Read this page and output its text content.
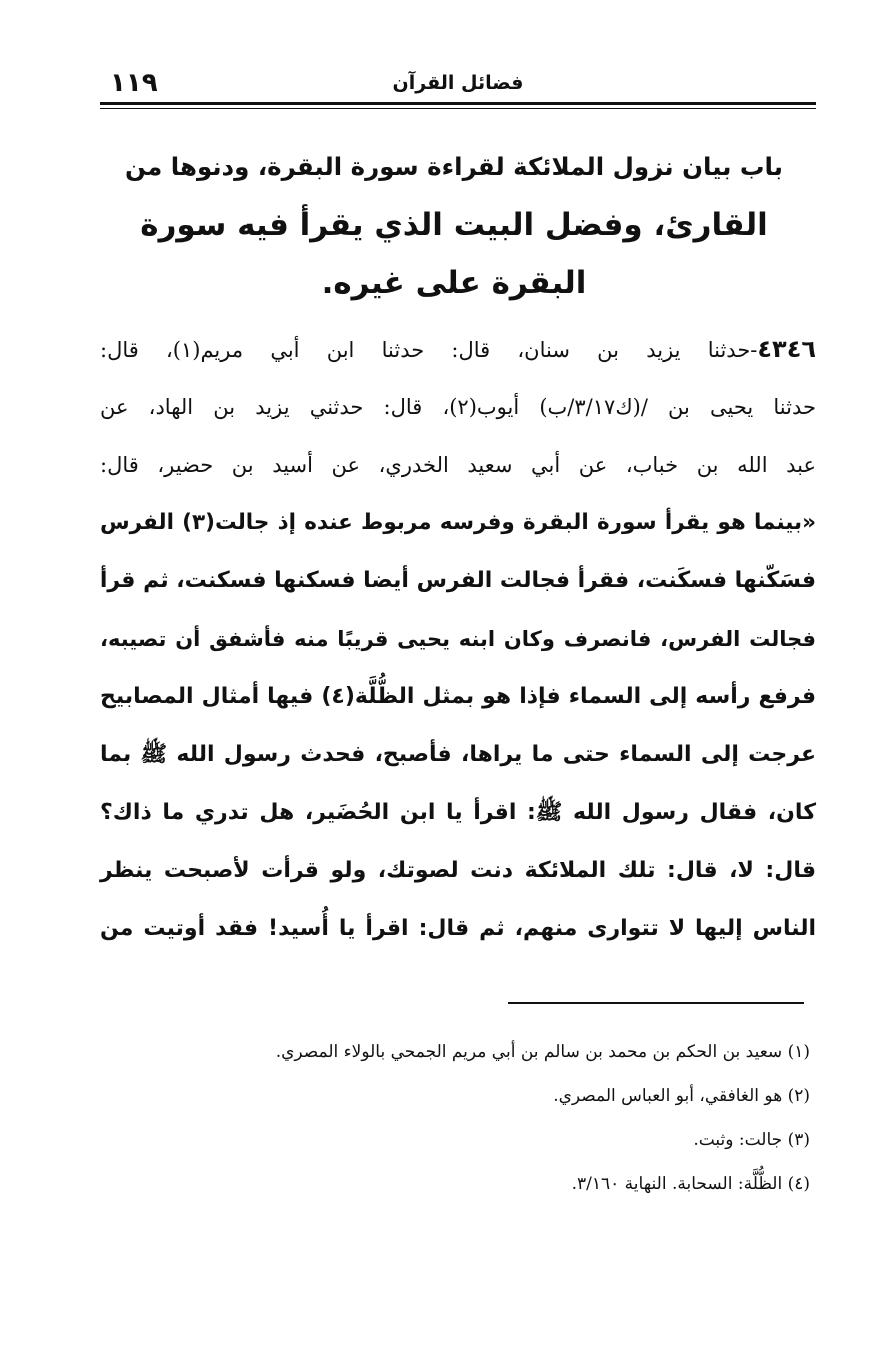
١١٩	فضائل القرآن
باب بيان نزول الملائكة لقراءة سورة البقرة، ودنوها من
القارئ، وفضل البيت الذي يقرأ فيه سورة
البقرة على غيره.
٤٣٤٦-حدثنا يزيد بن سنان، قال: حدثنا ابن أبي مريم(١)، قال:
حدثنا يحيى بن /(ك٣/١٧/ب) أيوب(٢)، قال: حدثني يزيد بن الهاد، عن
عبد الله بن خباب، عن أبي سعيد الخدري، عن أسيد بن حضير، قال:
«بينما هو يقرأ سورة البقرة وفرسه مربوط عنده إذ جالت(٣) الفرس
فسَكّنها فسكَنت، فقرأ فجالت الفرس أيضا فسكنها فسكنت، ثم قرأ
فجالت الفرس، فانصرف وكان ابنه يحيى قريبًا منه فأشفق أن تصيبه،
فرفع رأسه إلى السماء فإذا هو بمثل الظُّلَّة(٤) فيها أمثال المصابيح
عرجت إلى السماء حتى ما يراها، فأصبح، فحدث رسول الله ﷺ بما
كان، فقال رسول الله ﷺ: اقرأ يا ابن الحُضَير، هل تدري ما ذاك؟
قال: لا، قال: تلك الملائكة دنت لصوتك، ولو قرأت لأصبحت ينظر
الناس إليها لا تتوارى منهم، ثم قال: اقرأ يا أُسيد! فقد أوتيت من
(١) سعيد بن الحكم بن محمد بن سالم بن أبي مريم الجمحي بالولاء المصري.
(٢) هو الغافقي، أبو العباس المصري.
(٣) جالت: وثبت.
(٤) الظُّلَّة: السحابة. النهاية ٣/١٦٠.
